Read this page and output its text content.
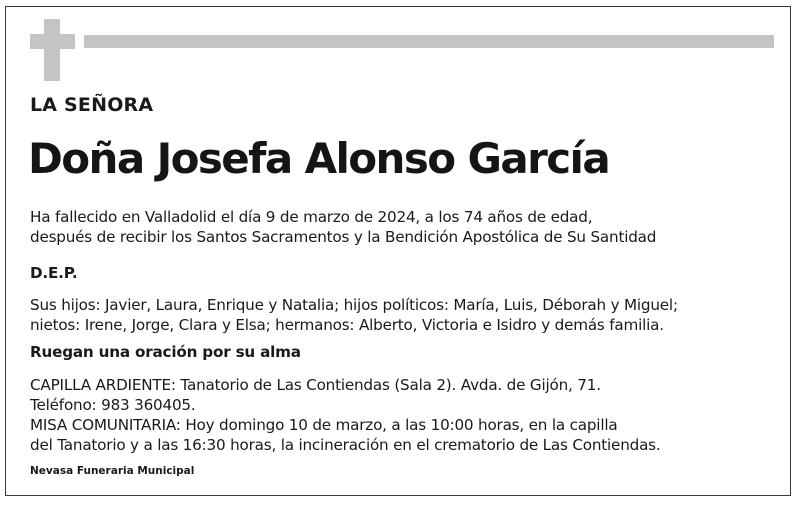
LA SEÑORA
Doña Josefa Alonso García
Ha fallecido en Valladolid el día 9 de marzo de 2024, a los 74 años de edad,
después de recibir los Santos Sacramentos y la Bendición Apostólica de Su Santidad
D.E.P.
Sus hijos: Javier, Laura, Enrique y Natalia; hijos políticos: María, Luis, Déborah y Miguel;
nietos: Irene, Jorge, Clara y Elsa; hermanos: Alberto, Victoria e Isidro y demás familia.
Ruegan una oración por su alma
CAPILLA ARDIENTE: Tanatorio de Las Contiendas (Sala 2). Avda. de Gijón, 71.
Teléfono: 983 360405.
MISA COMUNITARIA: Hoy domingo 10 de marzo, a las 10:00 horas, en la capilla
del Tanatorio y a las 16:30 horas, la incineración en el crematorio de Las Contiendas.
Nevasa Funeraria Municipal
